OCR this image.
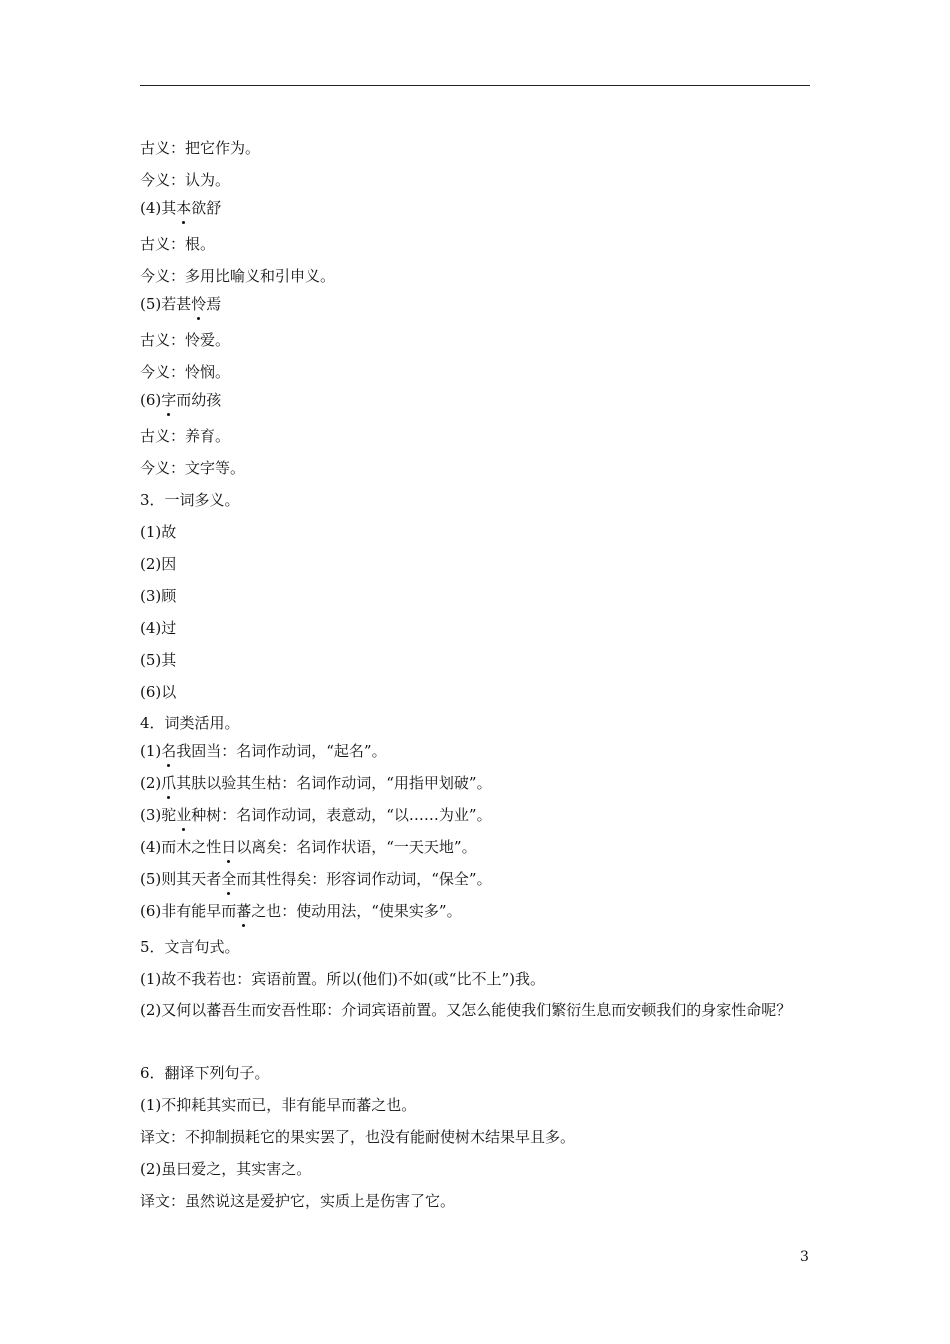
古义：把它作为。
今义：认为。
(4)其本欲舒
古义：根。
今义：多用比喻义和引申义。
(5)若甚怜焉
古义：怜爱。
今义：怜悯。
(6)字而幼孩
古义：养育。
今义：文字等。
3．一词多义。
(1)故
(2)因
(3)顾
(4)过
(5)其
(6)以
4．词类活用。
(1)名我固当：名词作动词，“起名”。
(2)爪其肤以验其生枯：名词作动词，“用指甲划破”。
(3)驼业种树：名词作动词，表意动，“以……为业”。
(4)而木之性日以离矣：名词作状语，“一天天地”。
(5)则其天者全而其性得矣：形容词作动词，“保全”。
(6)非有能早而蕃之也：使动用法，“使果实多”。
5．文言句式。
(1)故不我若也：宾语前置。所以(他们)不如(或“比不上”)我。
(2)又何以蕃吾生而安吾性耶：介词宾语前置。又怎么能使我们繁衍生息而安顿我们的身家性命呢？
6．翻译下列句子。
(1)不抑耗其实而已，非有能早而蕃之也。
译文：不抑制损耗它的果实罢了，也没有能耐使树木结果早且多。
(2)虽曰爱之，其实害之。
译文：虽然说这是爱护它，实质上是伤害了它。
3
